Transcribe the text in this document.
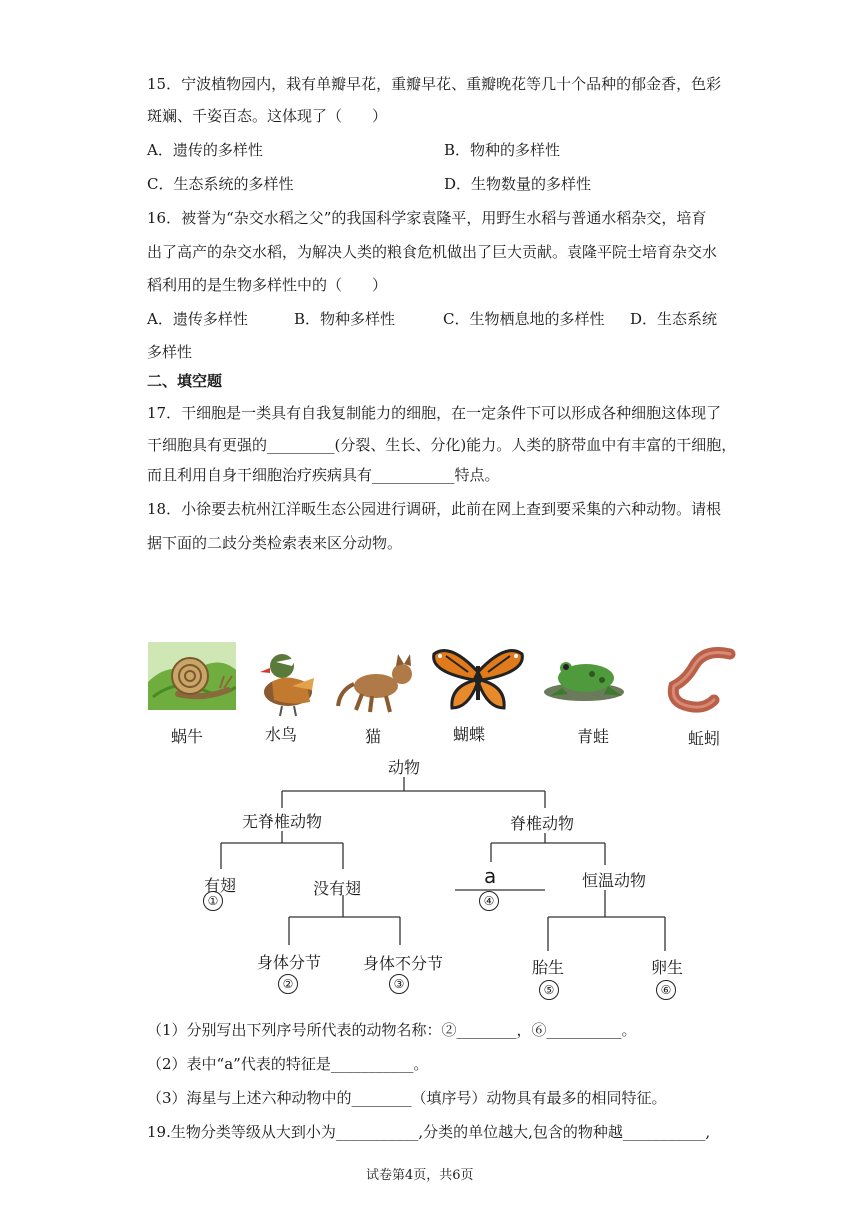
15．宁波植物园内，栽有单瓣早花，重瓣早花、重瓣晚花等几十个品种的郁金香，色彩
斑斓、千姿百态。这体现了（　　）
A．遗传的多样性	B．物种的多样性
C．生态系统的多样性	D．生物数量的多样性
16．被誉为“杂交水稻之父”的我国科学家袁隆平，用野生水稻与普通水稻杂交，培育
出了高产的杂交水稻，为解决人类的粮食危机做出了巨大贡献。袁隆平院士培育杂交水
稻利用的是生物多样性中的（　　）
A．遗传多样性	B．物种多样性	C．生物栖息地的多样性 D．生态系统
多样性
二、填空题
17．干细胞是一类具有自我复制能力的细胞，在一定条件下可以形成各种细胞这体现了
干细胞具有更强的_________(分裂、生长、分化)能力。人类的脐带血中有丰富的干细胞，
而且利用自身干细胞治疗疾病具有___________特点。
18．小徐要去杭州江洋畈生态公园进行调研，此前在网上查到要采集的六种动物。请根
据下面的二歧分类检索表来区分动物。
蜗牛	水鸟	猫	蝴蝶	青蛙	蚯蚓
动物
无脊椎动物	脊椎动物
有翅	没有翅
a	恒温动物
身体分节	身体不分节	胎生	卵生
①	④
②	③	⑤	⑥
（1）分别写出下列序号所代表的动物名称：②________，⑥__________。
（2）表中“a”代表的特征是___________。
（3）海星与上述六种动物中的________（填序号）动物具有最多的相同特征。
19.生物分类等级从大到小为___________,分类的单位越大,包含的物种越___________,
试卷第4页，共6页
